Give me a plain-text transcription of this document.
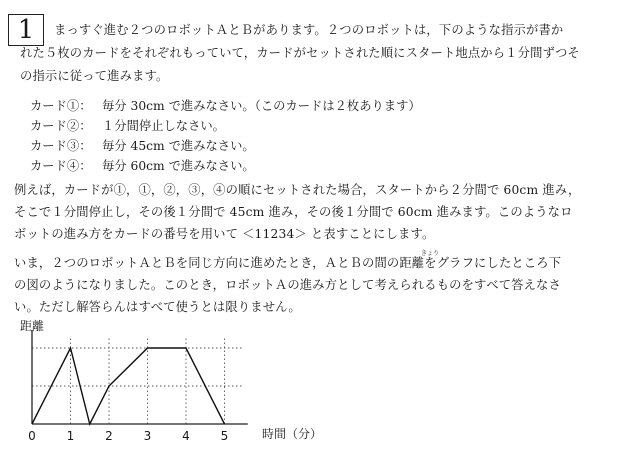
1	まっすぐ進む２つのロボットＡとＢがあります。２つのロボットは，下のような指示が書か
れた５枚のカードをそれぞれもっていて，カードがセットされた順にスタート地点から１分間ずつそ
の指示に従って進みます。
カード①： 毎分 30cm で進みなさい。（このカードは２枚あります）
カード②： １分間停止しなさい。
カード③： 毎分 45cm で進みなさい。
カード④： 毎分 60cm で進みなさい。
例えば，カードが①，①，②，③，④の順にセットされた場合，スタートから２分間で 60cm 進み，
そこで１分間停止し，その後１分間で 45cm 進み，その後１分間で 60cm 進みます。このようなロ
ボットの進み方をカードの番号を用いて ＜11234＞ と表すことにします。
きょり
いま，２つのロボットＡとＢを同じ方向に進めたとき，ＡとＢの間の距離をグラフにしたところ下
の図のようになりました。このとき，ロボットＡの進み方として考えられるものをすべて答えなさ
い。ただし解答らんはすべて使うとは限りません。
距離
時間（分）
0	1	2	3	4	5
